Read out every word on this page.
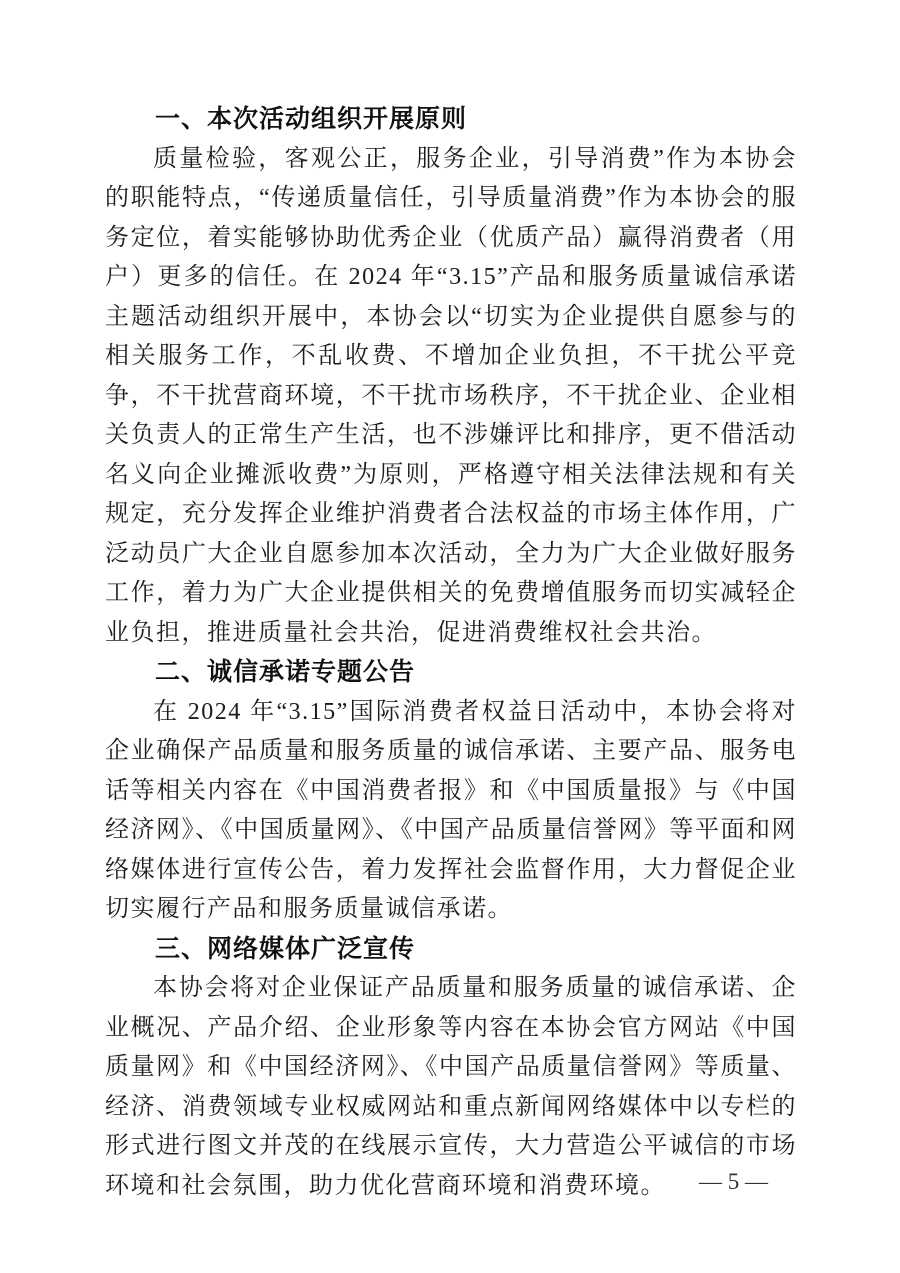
一、本次活动组织开展原则

质量检验，客观公正，服务企业，引导消费”作为本协会的职能特点，“传递质量信任，引导质量消费”作为本协会的服务定位，着实能够协助优秀企业（优质产品）赢得消费者（用户）更多的信任。在 2024 年“3.15”产品和服务质量诚信承诺主题活动组织开展中，本协会以“切实为企业提供自愿参与的相关服务工作，不乱收费、不增加企业负担，不干扰公平竞争，不干扰营商环境，不干扰市场秩序，不干扰企业、企业相关负责人的正常生产生活，也不涉嫌评比和排序，更不借活动名义向企业摊派收费”为原则，严格遵守相关法律法规和有关规定，充分发挥企业维护消费者合法权益的市场主体作用，广泛动员广大企业自愿参加本次活动，全力为广大企业做好服务工作，着力为广大企业提供相关的免费增值服务而切实减轻企业负担，推进质量社会共治，促进消费维权社会共治。

二、诚信承诺专题公告

在 2024 年“3.15”国际消费者权益日活动中，本协会将对企业确保产品质量和服务质量的诚信承诺、主要产品、服务电话等相关内容在《中国消费者报》和《中国质量报》与《中国经济网》、《中国质量网》、《中国产品质量信誉网》等平面和网络媒体进行宣传公告，着力发挥社会监督作用，大力督促企业切实履行产品和服务质量诚信承诺。

三、网络媒体广泛宣传

本协会将对企业保证产品质量和服务质量的诚信承诺、企业概况、产品介绍、企业形象等内容在本协会官方网站《中国质量网》和《中国经济网》、《中国产品质量信誉网》等质量、经济、消费领域专业权威网站和重点新闻网络媒体中以专栏的形式进行图文并茂的在线展示宣传，大力营造公平诚信的市场环境和社会氛围，助力优化营商环境和消费环境。	— 5 —
